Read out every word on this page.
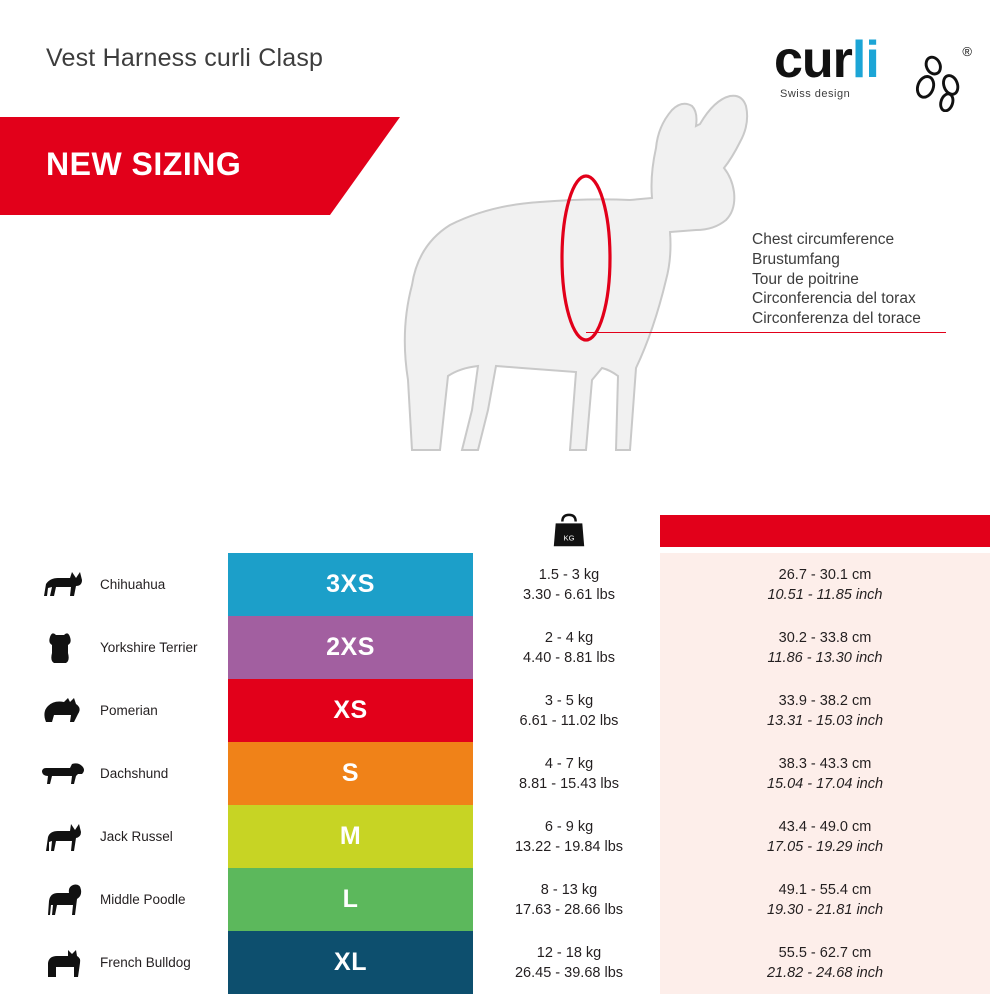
Vest Harness curli Clasp	curli
Swiss design
®
NEW SIZING
Chest circumference
Brustumfang
Tour de poitrine
Circonferencia del torax
Circonferenza del torace
Chihuahua
Yorkshire Terrier
Pomerian
Dachshund
Jack Russel
Middle Poodle
French Bulldog
3XS
2XS
XS
S
M
L
XL
KG
1.5 - 3 kg
3.30 - 6.61 lbs
2 - 4 kg
4.40 - 8.81 lbs
3 - 5 kg
6.61 - 11.02 lbs
4 - 7 kg
8.81 - 15.43 lbs
6 - 9 kg
13.22 - 19.84 lbs
8 - 13 kg
17.63 - 28.66 lbs
12 - 18 kg
26.45 - 39.68 lbs
26.7 - 30.1 cm
10.51 - 11.85 inch
30.2 - 33.8 cm
11.86 - 13.30 inch
33.9 - 38.2 cm
13.31 - 15.03 inch
38.3 - 43.3 cm
15.04 - 17.04 inch
43.4 - 49.0 cm
17.05 - 19.29 inch
49.1 - 55.4 cm
19.30 - 21.81 inch
55.5 - 62.7 cm
21.82 - 24.68 inch
